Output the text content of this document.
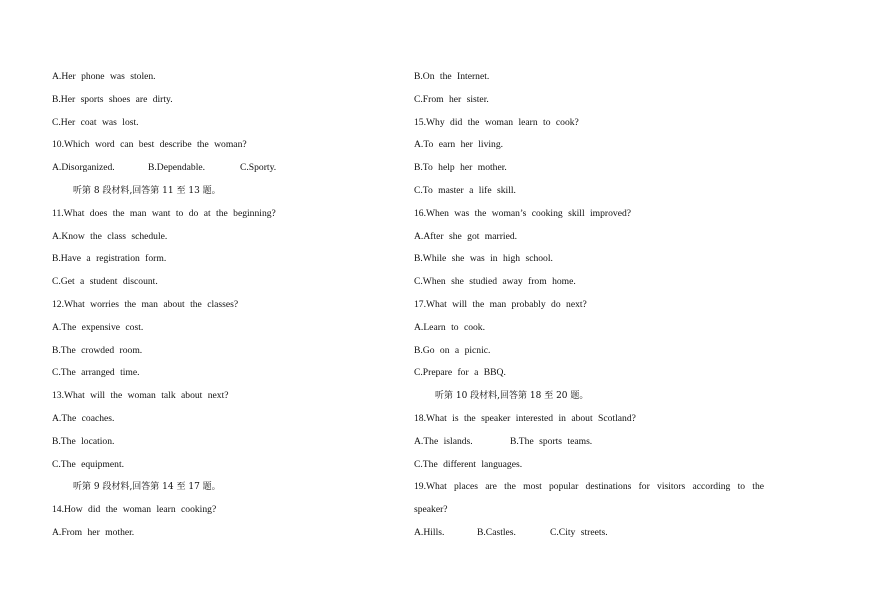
A.Her phone was stolen.
B.Her sports shoes are dirty.
C.Her coat was lost.
10.Which word can best describe the woman?
A.Disorganized.	B.Dependable.	C.Sporty.
听第 8 段材料,回答第 11 至 13 题。
11.What does the man want to do at the beginning?
A.Know the class schedule.
B.Have a registration form.
C.Get a student discount.
12.What worries the man about the classes?
A.The expensive cost.
B.The crowded room.
C.The arranged time.
13.What will the woman talk about next?
A.The coaches.
B.The location.
C.The equipment.
听第 9 段材料,回答第 14 至 17 题。
14.How did the woman learn cooking?
A.From her mother.
B.On the Internet.
C.From her sister.
15.Why did the woman learn to cook?
A.To earn her living.
B.To help her mother.
C.To master a life skill.
16.When was the woman’s cooking skill improved?
A.After she got married.
B.While she was in high school.
C.When she studied away from home.
17.What will the man probably do next?
A.Learn to cook.
B.Go on a picnic.
C.Prepare for a BBQ.
听第 10 段材料,回答第 18 至 20 题。
18.What is the speaker interested in about Scotland?
A.The islands.	B.The sports teams.
C.The different languages.
19.What places are the most popular destinations for visitors according to the
speaker?
A.Hills.	B.Castles.	C.City streets.
